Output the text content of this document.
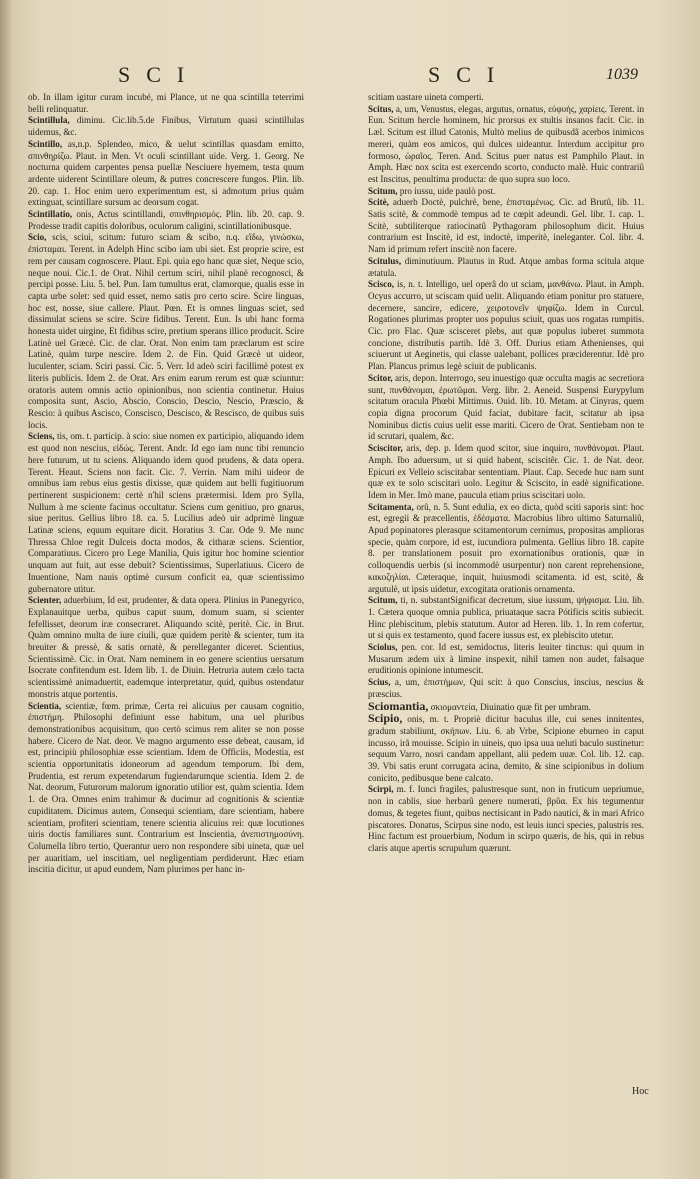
SCI	SCI	1039

ob. In illam igitur curam incubé, mi Plance, ut ne qua scintilla teterrimi belli relinquatur.

Scintillula, diminu. Cic.lib.5.de Finibus, Virtutum quasi scintillulas uidemus, &c.

Scintillo, as,n.p. Splendeo, mico, & uelut scintillas quasdam emitto, σπινθηρίζω. Plaut. in Men. Vt oculi scintillant uide. Verg. 1. Georg. Ne nocturna quidem carpentes pensa puellæ Nesciuere hyemem, testa quum ardente uiderent Scintillare oleum, & putres concrescere fungos. Plin. lib. 20. cap. 1. Hoc enim uero experimentum est, si admotum prius quàm extinguat, scintillare sursum ac deorsum cogat.

Scintillatio, onis, Actus scintillandi, σπινθηρισμός. Plin. lib. 20. cap. 9. Prodesse tradit capitis doloribus, oculorum caligini, scintillationibusque.

Scio, scis, sciui, scitum: futuro sciam & scibo, n.q. εἴδω, γινώσκω, ἐπίσταμαι. Terent. in Adelph Hinc scibo iam ubi siet. Est proprie scire, est rem per causam cognoscere. Plaut. Epi. quia ego hanc quæ siet, Neque scio, neque noui. Cic.1. de Orat. Nihil certum sciri, nihil planè recognosci, & percipi posse. Liu. 5. bel. Pun. Iam tumultus erat, clamorque, qualis esse in capta urbe solet: sed quid esset, nemo satis pro certo scire. Scire linguas, hoc est, nosse, siue callere. Plaut. Pœn. Et is omnes linguas sciet, sed dissimulat sciens se scire. Scire fidibus. Terent. Eun. Is ubi hanc forma honesta uidet uirgine, Et fidibus scire, pretium sperans illico producit. Scire Latinè uel Græcè. Cic. de clar. Orat. Non enim tam præclarum est scire Latinè, quàm turpe nescire. Idem 2. de Fin. Quid Græcè ut uideor, luculenter, sciam. Sciri passi. Cic. 5. Verr. Id adeò sciri facillimè potest ex literis publicis. Idem 2. de Orat. Ars enim earum rerum est quæ sciuntur: oratoris autem omnis actio opinionibus, non scientia continetur. Huius composita sunt, Ascio, Abscio, Conscio, Descio, Nescio, Præscio, & Rescio: à quibus Ascisco, Conscisco, Descisco, & Rescisco, de quibus suis locis.

Sciens, tis, om. t. particip. à scio: siue nomen ex participio, aliquando idem est quod non nescius, εἰδώς. Terent. Andr. Id ego iam nunc tibi renuncio here futurum, ut tu sciens. Aliquando idem quod prudens, & data opera. Terent. Heaut. Sciens non facit. Cic. 7. Verrin. Nam mihi uideor de omnibus iam rebus eius gestis dixisse, quæ quidem aut belli fugitiuorum pertinerent suspicionem: certè n'hil sciens prætermisi. Idem pro Sylla, Nullum à me sciente facinus occultatur. Sciens cum genitiuo, pro gnarus, siue peritus. Gellius libro 18. ca. 5. Lucilius adeò uir adprimè linguæ Latinæ sciens, equum equitare dicit. Horatius 3. Car. Ode 9. Me nunc Thressa Chloe regit Dulceis docta modos, & citharæ sciens. Scientior, Comparatiuus. Cicero pro Lege Manilia, Quis igitur hoc homine scientior unquam aut fuit, aut esse debuit? Scientissimus, Superlatiuus. Cicero de Inuentione, Nam nauis optimè cursum conficit ea, quæ scientissimo gubernatore utitur.

Scienter, aduerbium, Id est, prudenter, & data opera. Plinius in Panegyrico, Explanauitque uerba, quibus caput suum, domum suam, si scienter fefellisset, deorum iræ consecraret. Aliquando scitè, peritè. Cic. in Brut. Quàm omnino multa de iure ciuili, quæ quidem peritè & scienter, tum ita breuiter & pressè, & satis ornatè, & perelleganter diceret. Scientius, Scientissimè. Cic. in Orat. Nam neminem in eo genere scientius uersatum Isocrate confitendum est. Idem lib. 1. de Diuin. Hetruria autem cælo tacta scientissimè animaduertit, eademque interpretatur, quid, quibus ostendatur monstris atque portentis.

Scientia, scientiæ, fœm. primæ, Certa rei alicuius per causam cognitio, ἐπιστήμη. Philosophi definiunt esse habitum, una uel pluribus demonstrationibus acquisitum, quo certò scimus rem aliter se non posse habere. Cicero de Nat. deor. Ve magno argumento esse debeat, causam, id est, principiù philosophiæ esse scientiam. Idem de Officiis, Modestia, est scientia opportunitatis idoneorum ad agendum temporum. Ibi dem, Prudentia, est rerum expetendarum fugiendarumque scientia. Idem 2. de Nat. deorum, Futurorum malorum ignoratio utilior est, quàm scientia. Idem 1. de Ora. Omnes enim trahimur & ducimur ad cognitionis & scientiæ cupiditatem. Dicimus autem, Consequi scientiam, dare scientiam, habere scientiam, profiteri scientiam, tenere scientia alicuius rei: quæ locutiones uiris doctis familiares sunt. Contrarium est Inscientia, ἀνεπιστημοσύνη. Columella libro tertio, Querantur uero non respondere sibi uineta, quæ uel per auaritiam, uel inscitiam, uel negligentiam perdiderunt. Hæc etiam inscitia dicitur, ut apud eundem, Nam plurimos per hanc in-

scitiam uastare uineta comperti.

Scitus, a, um, Venustus, elegas, argutus, ornatus, εὐφυής, χαρίεις. Terent. in Eun. Scitum hercle hominem, hic prorsus ex stultis insanos facit. Cic. in Læl. Scitum est illud Catonis, Multò melius de quibusdã acerbos inimicos mereri, quàm eos amicos, qui dulces uideantur. Interdum accipitur pro formoso, ὡραῖος. Teren. And. Scitus puer natus est Pamphilo Plaut. in Amph. Hæc nox scita est exercendo scorto, conducto malè. Huic contrariû est Inscitus, penultima producta: de quo supra suo loco.

Scitum, pro iussu, uide paulò post.

Scitè, aduerb Doctè, pulchrè, bene, ἐπισταμένως. Cic. ad Brutû, lib. 11. Satis scitè, & commodè tempus ad te cœpit adeundi. Gel. libr. 1. cap. 1. Scitè, subtiliterque ratiocinatû Pythagoram philosophum dicit. Huius contrarium est Inscitè, id est, indoctè, imperitè, ineleganter. Col. libr. 4. Nam id primum refert inscitè non facere.

Scitulus, diminutiuum. Plautus in Rud. Atque ambas forma scitula atque ætatula.

Scisco, is, n. t. Intelligo, uel operâ do ut sciam, μανθάνω. Plaut. in Amph. Ocyus accurro, ut sciscam quid uelit. Aliquando etiam ponitur pro statuere, decernere, sancire, edicere, χειροτονεῖν ψηφίζω. Idem in Curcul. Rogationes plurimas propter uos populus sciuit, quas uos rogatas rumpitis. Cic. pro Flac. Quæ scisceret plebs, aut quæ populus iuberet summota concione, distributis partib. Idè 3. Off. Durius etiam Athenienses, qui sciuerunt ut Aeginetis, qui classe ualebant, pollices præciderentur. Idè pro Plan. Plancus primus legè sciuit de publicanis.

Scitor, aris, depon. Interrogo, seu inuestigo quæ occulta magis ac secretiora sunt, πυνθάνομαι, ἐρωτῶμαι. Verg. libr. 2. Aeneid. Suspensi Eurypylum scitatum oracula Phœbi Mittimus. Ouid. lib. 10. Metam. at Cinyras, quem copia digna procorum Quid faciat, dubitare facit, scitatur ab ipsa Nominibus dictis cuius uelit esse mariti. Cicero de Orat. Sentiebam non te id scrutari, qualem, &c.

Sciscitor, aris, dep. p. Idem quod scitor, siue inquiro, πυνθάνομαι. Plaut. Amph. Ibo aduersum, ut si quid habent, sciscitêr. Cic. 1. de Nat. deor. Epicuri ex Velleio sciscitabar sententiam. Plaut. Cap. Secede huc nam sunt quæ ex te solo sciscitari uolo. Legitur & Sciscito, in eadè significatione. Idem in Mer. Imò mane, paucula etiam prius sciscitari uolo.

Scitamenta, orû, n. 5. Sunt edulia, ex eo dicta, quòd sciti saporis sint: hoc est, egregii & præcellentis, ἐδέσματα. Macrobius libro ultimo Saturnaliû, Apud popinatores plerasque scitamentorum cernimus, propositas amplioras specie, quàm corpore, id est, iucundiora pulmenta. Gellius libro 18. capite 8. per translationem posuit pro exornationibus orationis, quæ in colloquendis uerbis (si incommodè usurpentur) non carent reprehensione, κακοζηλίαι. Cæteraque, inquit, huiusmodi scitamenta. id est, scitè, & argutulè, ut ipsis uidetur, excogitata orationis ornamenta.

Scitum, ti, n. substantSignificat decretum, siue iussum, ψήφισμα. Liu. lib. 1. Cætera quoque omnia publica, priuataque sacra Pótificis scitis subiecit. Hinc plebiscitum, plebis statutum. Autor ad Heren. lib. 1. In rem cofertur, ut si quis ex testamento, quod facere iussus est, ex plebiscito utetur.

Sciolus, pen. cor. Id est, semidoctus, literis leuiter tinctus: qui quum in Musarum ædem uix à limine inspexit, nihil tamen non audet, falsaque eruditionis opinione intumescit.

Scius, a, um, ἐπιστήμων, Qui scit: à quo Conscius, inscius, nescius & præscius.

Sciomantia, σκιομαντεία, Diuinatio quæ fit per umbram.

Scipio, onis, m. t. Propriè dicitur baculus ille, cui senes innitentes, gradum stabiliunt, σκήπων. Liu. 6. ab Vrbe, Scipione eburneo in caput incusso, irã mouisse. Scipio in uineis, quo ipsa uua ueluti baculo sustinetur: sequum Varro, nosri candam appellant, alii pedem uuæ. Col. lib. 12. cap. 39. Vbi satis erunt corrugata acina, demito, & sine scipionibus in dolium conicito, pedibusque bene calcato.

Scirpi, m. f. Iunci fragiles, palustresque sunt, non in fruticum uepriumue, non in cablis, siue herbarû genere numerati, βρῦα. Ex his tegumentur domus, & tegetes fiunt, quibus nectisicant in Pado nautici, & in mari Africo piscatores. Donatus, Scirpus sine nodo, est leuis iunci species, palustris res. Hinc factum est prouerbium, Nodum in scirpo quæris, de his, qui in rebus claris atque apertis scrupulum quærunt.

Hoc
